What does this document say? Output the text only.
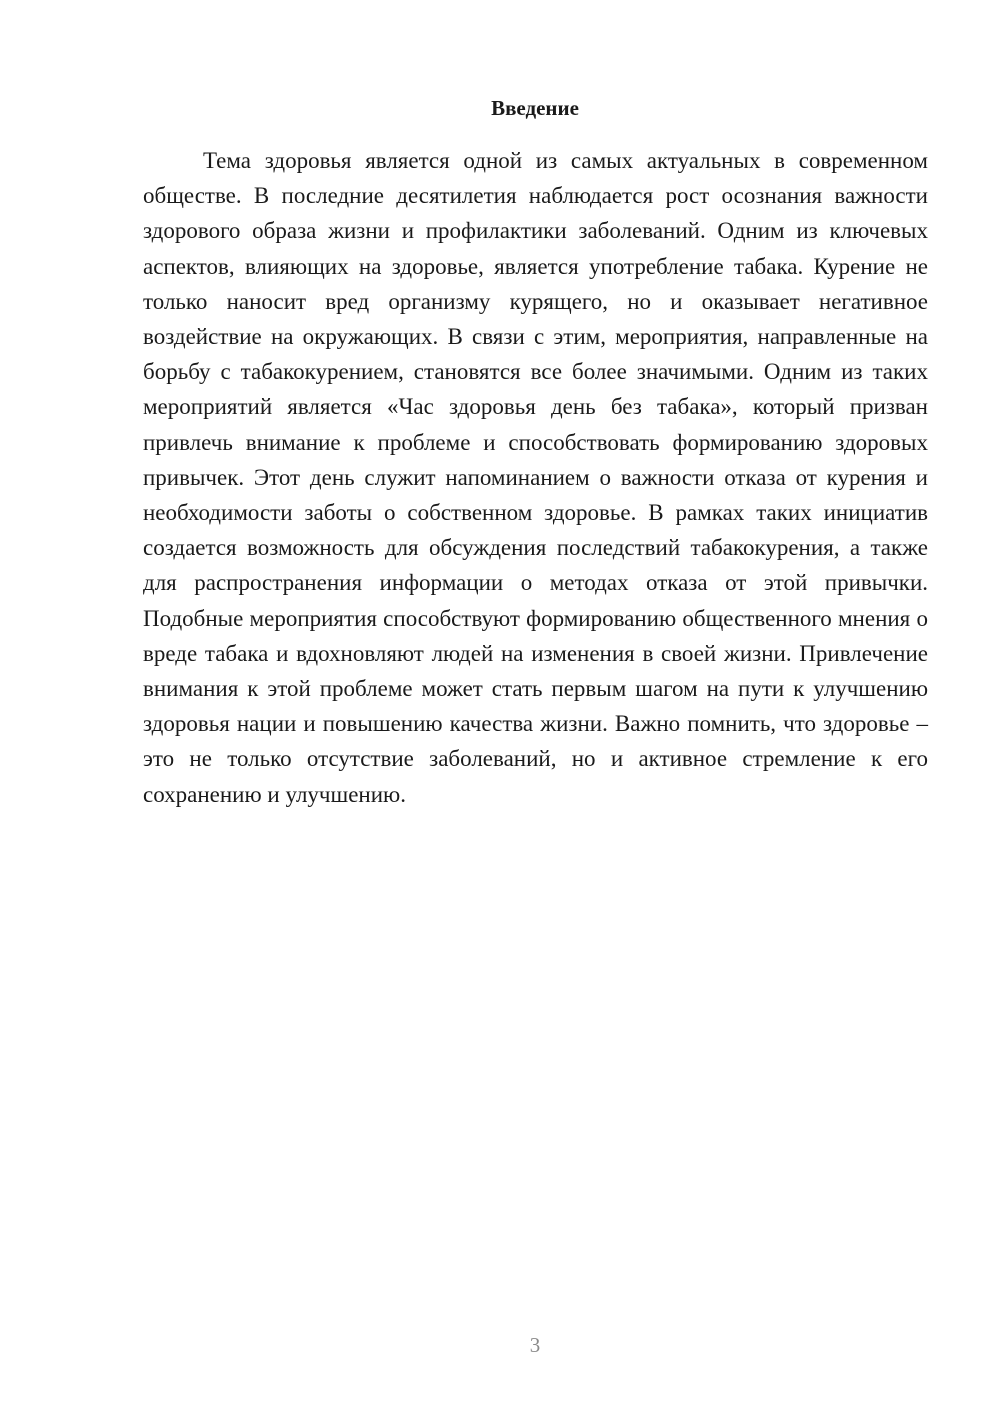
Введение

Тема здоровья является одной из самых актуальных в современном обществе. В последние десятилетия наблюдается рост осознания важности здорового образа жизни и профилактики заболеваний. Одним из ключевых аспектов, влияющих на здоровье, является употребление табака. Курение не только наносит вред организму курящего, но и оказывает негативное воздействие на окружающих. В связи с этим, мероприятия, направленные на борьбу с табакокурением, становятся все более значимыми. Одним из таких мероприятий является «Час здоровья день без табака», который призван привлечь внимание к проблеме и способствовать формированию здоровых привычек. Этот день служит напоминанием о важности отказа от курения и необходимости заботы о собственном здоровье. В рамках таких инициатив создается возможность для обсуждения последствий табакокурения, а также для распространения информации о методах отказа от этой привычки. Подобные мероприятия способствуют формированию общественного мнения о вреде табака и вдохновляют людей на изменения в своей жизни. Привлечение внимания к этой проблеме может стать первым шагом на пути к улучшению здоровья нации и повышению качества жизни. Важно помнить, что здоровье – это не только отсутствие заболеваний, но и активное стремление к его сохранению и улучшению.

3
